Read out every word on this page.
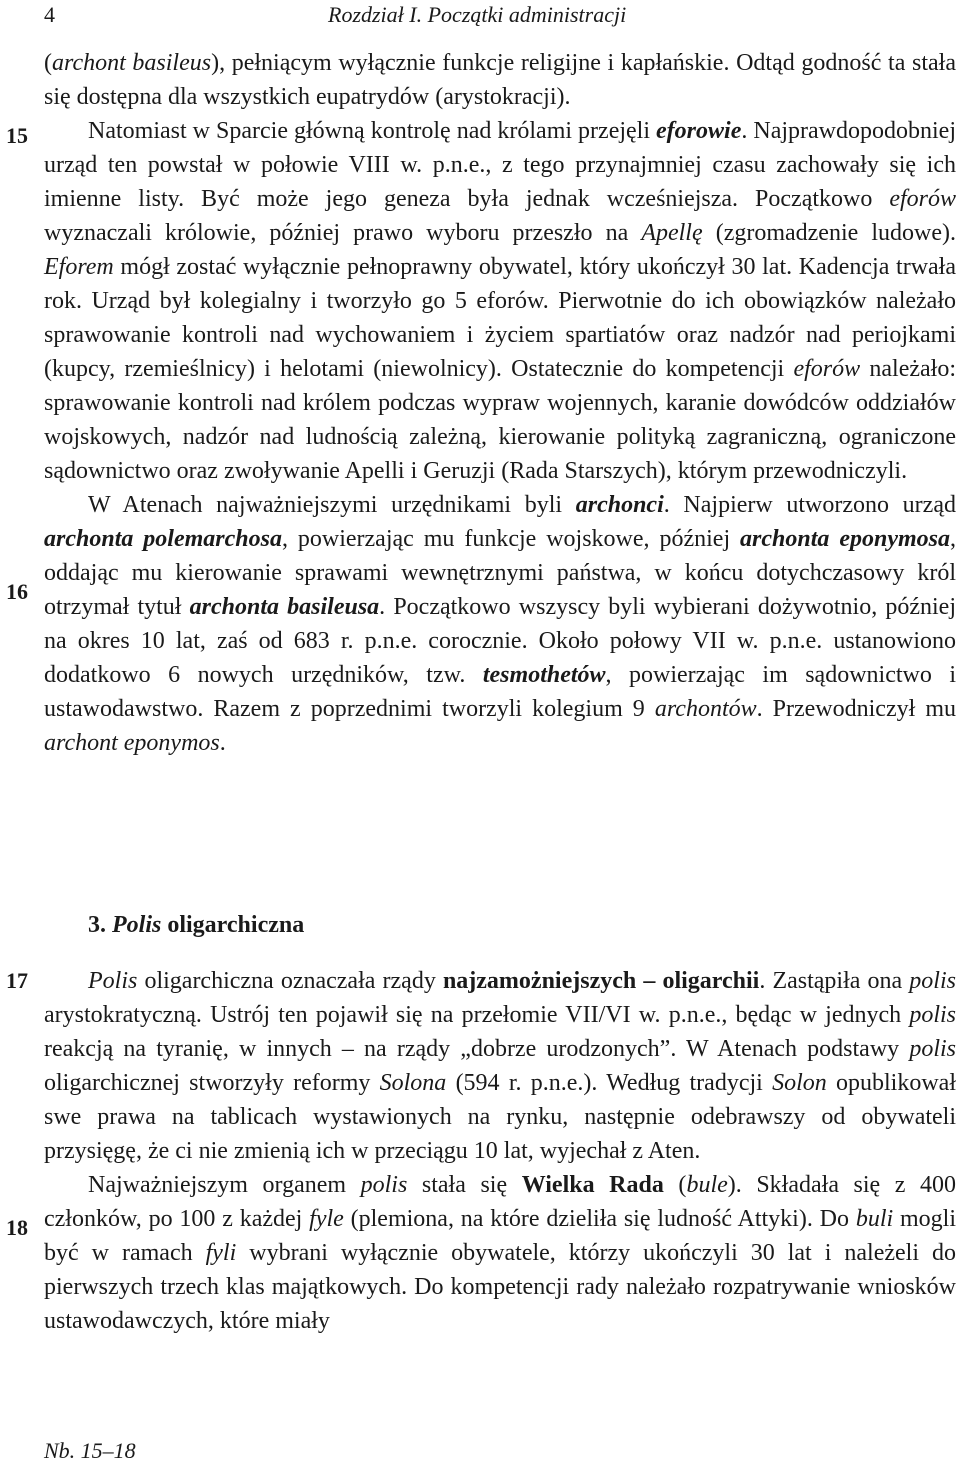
4	Rozdział I. Początki administracji
15
16
17
18

(archont basileus), pełniącym wyłącznie funkcje religijne i kapłańskie. Odtąd godność ta stała się dostępna dla wszystkich eupatrydów (arystokracji).

Natomiast w Sparcie główną kontrolę nad królami przejęli eforowie. Najprawdopodobniej urząd ten powstał w połowie VIII w. p.n.e., z tego przynajmniej czasu zachowały się ich imienne listy. Być może jego geneza była jednak wcześniejsza. Początkowo eforów wyznaczali królowie, później prawo wyboru przeszło na Apellę (zgromadzenie ludowe). Eforem mógł zostać wyłącznie pełnoprawny obywatel, który ukończył 30 lat. Kadencja trwała rok. Urząd był kolegialny i tworzyło go 5 eforów. Pierwotnie do ich obowiązków należało sprawowanie kontroli nad wychowaniem i życiem spartiatów oraz nadzór nad periojkami (kupcy, rzemieślnicy) i helotami (niewolnicy). Ostatecznie do kompetencji eforów należało: sprawowanie kontroli nad królem podczas wypraw wojennych, karanie dowódców oddziałów wojskowych, nadzór nad ludnością zależną, kierowanie polityką zagraniczną, ograniczone sądownictwo oraz zwoływanie Apelli i Geruzji (Rada Starszych), którym przewodniczyli.

W Atenach najważniejszymi urzędnikami byli archonci. Najpierw utworzono urząd archonta polemarchosa, powierzając mu funkcje wojskowe, później archonta eponymosa, oddając mu kierowanie sprawami wewnętrznymi państwa, w końcu dotychczasowy król otrzymał tytuł archonta basileusa. Początkowo wszyscy byli wybierani dożywotnio, później na okres 10 lat, zaś od 683 r. p.n.e. corocznie. Około połowy VII w. p.n.e. ustanowiono dodatkowo 6 nowych urzędników, tzw. tesmothetów, powierzając im sądownictwo i ustawodawstwo. Razem z poprzednimi tworzyli kolegium 9 archontów. Przewodniczył mu archont eponymos.

3. Polis oligarchiczna

Polis oligarchiczna oznaczała rządy najzamożniejszych – oligarchii. Zastąpiła ona polis arystokratyczną. Ustrój ten pojawił się na przełomie VII/VI w. p.n.e., będąc w jednych polis reakcją na tyranię, w innych – na rządy „dobrze urodzonych”. W Atenach podstawy polis oligarchicznej stworzyły reformy Solona (594 r. p.n.e.). Według tradycji Solon opublikował swe prawa na tablicach wystawionych na rynku, następnie odebrawszy od obywateli przysięgę, że ci nie zmienią ich w przeciągu 10 lat, wyjechał z Aten.

Najważniejszym organem polis stała się Wielka Rada (bule). Składała się z 400 członków, po 100 z każdej fyle (plemiona, na które dzieliła się ludność Attyki). Do buli mogli być w ramach fyli wybrani wyłącznie obywatele, którzy ukończyli 30 lat i należeli do pierwszych trzech klas majątkowych. Do kompetencji rady należało rozpatrywanie wniosków ustawodawczych, które miały

Nb. 15–18
